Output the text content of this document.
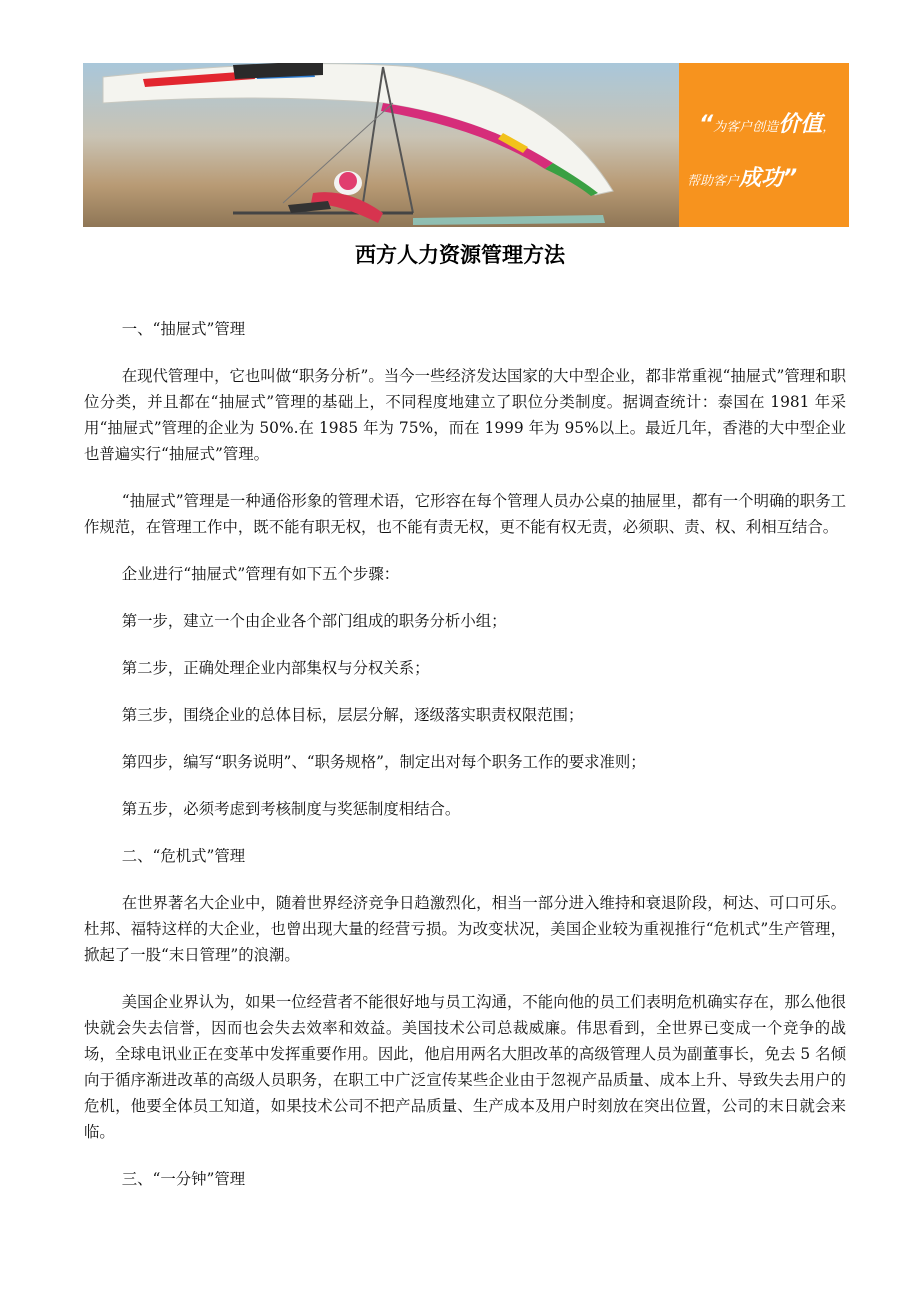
“为客户创造价值，
帮助客户成功”
西方人力资源管理方法

一、“抽屉式”管理

在现代管理中，它也叫做“职务分析”。当今一些经济发达国家的大中型企业，都非常重视“抽屉式”管理和职位分类，并且都在“抽屉式”管理的基础上，不同程度地建立了职位分类制度。据调查统计：泰国在 1981 年采用“抽屉式”管理的企业为 50%.在 1985 年为 75%，而在 1999 年为 95%以上。最近几年，香港的大中型企业也普遍实行“抽屉式”管理。

“抽屉式”管理是一种通俗形象的管理术语，它形容在每个管理人员办公桌的抽屉里，都有一个明确的职务工作规范，在管理工作中，既不能有职无权，也不能有责无权，更不能有权无责，必须职、责、权、利相互结合。

企业进行“抽屉式”管理有如下五个步骤：

第一步，建立一个由企业各个部门组成的职务分析小组；

第二步，正确处理企业内部集权与分权关系；

第三步，围绕企业的总体目标，层层分解，逐级落实职责权限范围；

第四步，编写“职务说明”、“职务规格”，制定出对每个职务工作的要求准则；

第五步，必须考虑到考核制度与奖惩制度相结合。

二、“危机式”管理

在世界著名大企业中，随着世界经济竞争日趋激烈化，相当一部分进入维持和衰退阶段，柯达、可口可乐。杜邦、福特这样的大企业，也曾出现大量的经营亏损。为改变状况，美国企业较为重视推行“危机式”生产管理，掀起了一股“末日管理”的浪潮。

美国企业界认为，如果一位经营者不能很好地与员工沟通，不能向他的员工们表明危机确实存在，那么他很快就会失去信誉，因而也会失去效率和效益。美国技术公司总裁威廉。伟思看到，全世界已变成一个竞争的战场，全球电讯业正在变革中发挥重要作用。因此，他启用两名大胆改革的高级管理人员为副董事长，免去 5 名倾向于循序渐进改革的高级人员职务，在职工中广泛宣传某些企业由于忽视产品质量、成本上升、导致失去用户的危机，他要全体员工知道，如果技术公司不把产品质量、生产成本及用户时刻放在突出位置，公司的末日就会来临。

三、“一分钟”管理
